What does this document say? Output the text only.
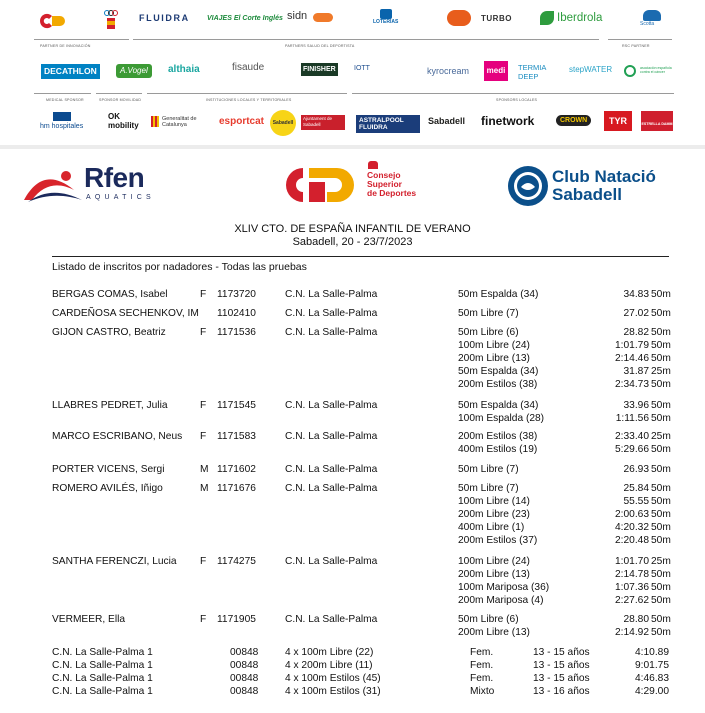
FLUIDRA VIAJES El Corte Inglés sidn	LOTERÍAS	TURBO	Iberdrola	Scotta
PARTNER DE INNOVACIÓN	PARTNERS SALUD DEL DEPORTISTA	RSC PARTNER
DECATHLON	A.Vogel	althaia	fisaude	FINISHER	IOTT	kyrocream	medi	TERMIA DEEP
stepWATER	asociación española contra el cáncer
MEDICAL SPONSOR	SPONSOR MOVILIDAD	INSTITUCIONES LOCALES Y TERRITORIALES	SPONSORS LOCALES
hm hospitales
OK mobility
Generalitat de Catalunya	esportcat	Sabadell
Ajuntament de Sabadell
ASTRALPOOL FLUIDRA
Sabadell finetwork	CROWN	TYR	ESTRELLA DAMM
Rfen
AQUATICS
Consejo
Superior
de Deportes
Club Natació
Sabadell
XLIV CTO. DE ESPAÑA INFANTIL DE VERANO
Sabadell, 20 - 23/7/2023
Listado de inscritos por nadadores - Todas las pruebas
BERGAS COMAS, Isabel	F 1173720	C.N. La Salle-Palma	50m Espalda (34)	34.83 50m
CARDEÑOSA SECHENKOV, IM 1102410	C.N. La Salle-Palma	50m Libre (7)	27.02 50m
GIJON CASTRO, Beatriz	F 1171536	C.N. La Salle-Palma	50m Libre (6)	28.82 50m
100m Libre (24)	1:01.79 50m
200m Libre (13)	2:14.46 50m
50m Espalda (34)	31.87 25m
200m Estilos (38)	2:34.73 50m
LLABRES PEDRET, Julia	F 1171545	C.N. La Salle-Palma	50m Espalda (34)	33.96 50m
100m Espalda (28)	1:11.56 50m
MARCO ESCRIBANO, Neus F 1171583	C.N. La Salle-Palma	200m Estilos (38)	2:33.40 25m
400m Estilos (19)	5:29.66 50m
PORTER VICENS, Sergi	M 1171602	C.N. La Salle-Palma	50m Libre (7)	26.93 50m
ROMERO AVILÉS, Iñigo	M 1171676	C.N. La Salle-Palma	50m Libre (7)	25.84 50m
100m Libre (14)	55.55 50m
200m Libre (23)	2:00.63 50m
400m Libre (1)	4:20.32 50m
200m Estilos (37)	2:20.48 50m
SANTHA FERENCZI, Lucia F 1174275	C.N. La Salle-Palma	100m Libre (24)	1:01.70 25m
200m Libre (13)	2:14.78 50m
100m Mariposa (36)	1:07.36 50m
200m Mariposa (4)	2:27.62 50m
VERMEER, Ella	F 1171905	C.N. La Salle-Palma	50m Libre (6)	28.80 50m
200m Libre (13)	2:14.92 50m
C.N. La Salle-Palma 1	00848	4 x 100m Libre (22)	Fem.	13 - 15 años	4:10.89
C.N. La Salle-Palma 1	00848	4 x 200m Libre (11)	Fem.	13 - 15 años	9:01.75
C.N. La Salle-Palma 1	00848	4 x 100m Estilos (45)	Fem.	13 - 15 años	4:46.83
C.N. La Salle-Palma 1	00848	4 x 100m Estilos (31)	Mixto	13 - 16 años	4:29.00
